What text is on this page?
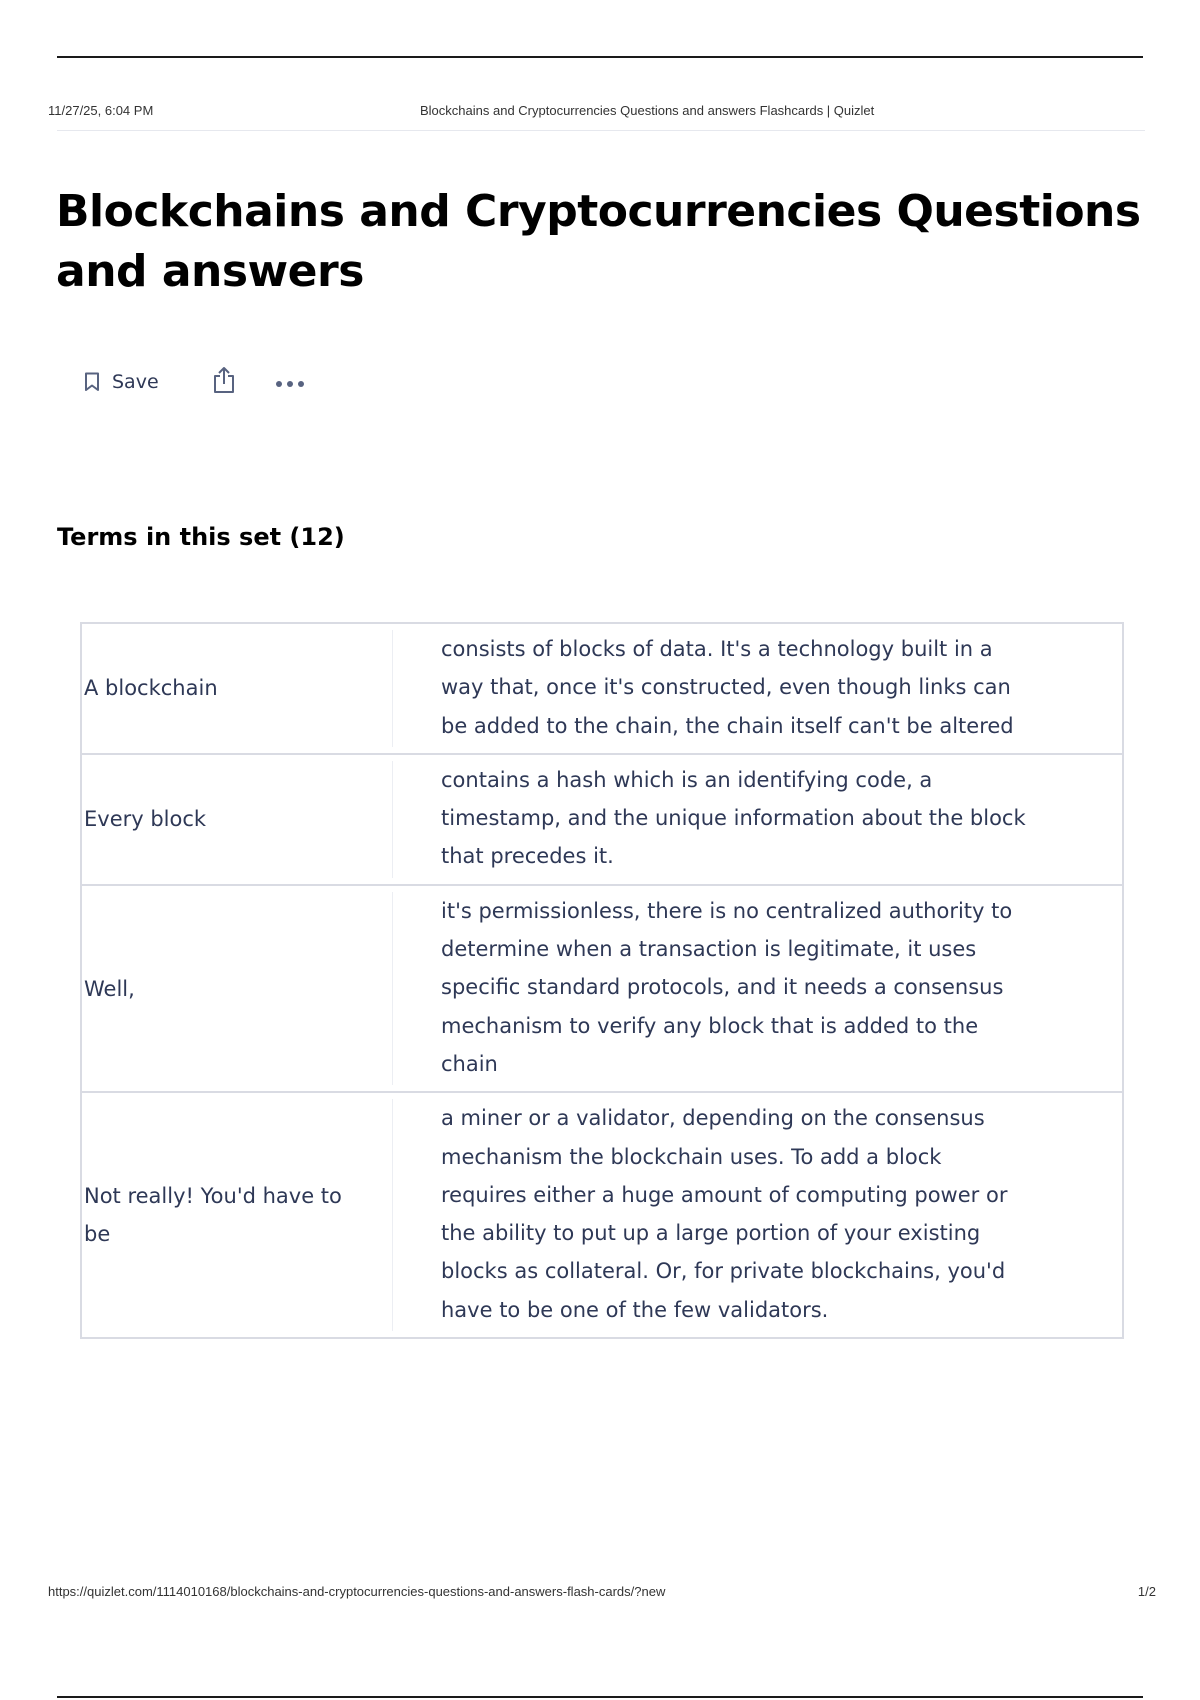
11/27/25, 6:04 PM	Blockchains and Cryptocurrencies Questions and answers Flashcards | Quizlet
Blockchains and Cryptocurrencies Questions and answers
Save
Terms in this set (12)
A blockchain
consists of blocks of data. It's a technology built in a way that, once it's constructed, even though links can be added to the chain, the chain itself can't be altered
Every block
contains a hash which is an identifying code, a timestamp, and the unique information about the block that precedes it.
Well,
it's permissionless, there is no centralized authority to determine when a transaction is legitimate, it uses specific standard protocols, and it needs a consensus mechanism to verify any block that is added to the chain
Not really! You'd have to be
a miner or a validator, depending on the consensus mechanism the blockchain uses. To add a block requires either a huge amount of computing power or the ability to put up a large portion of your existing blocks as collateral. Or, for private blockchains, you'd have to be one of the few validators.
https://quizlet.com/1114010168/blockchains-and-cryptocurrencies-questions-and-answers-flash-cards/?new	1/2
